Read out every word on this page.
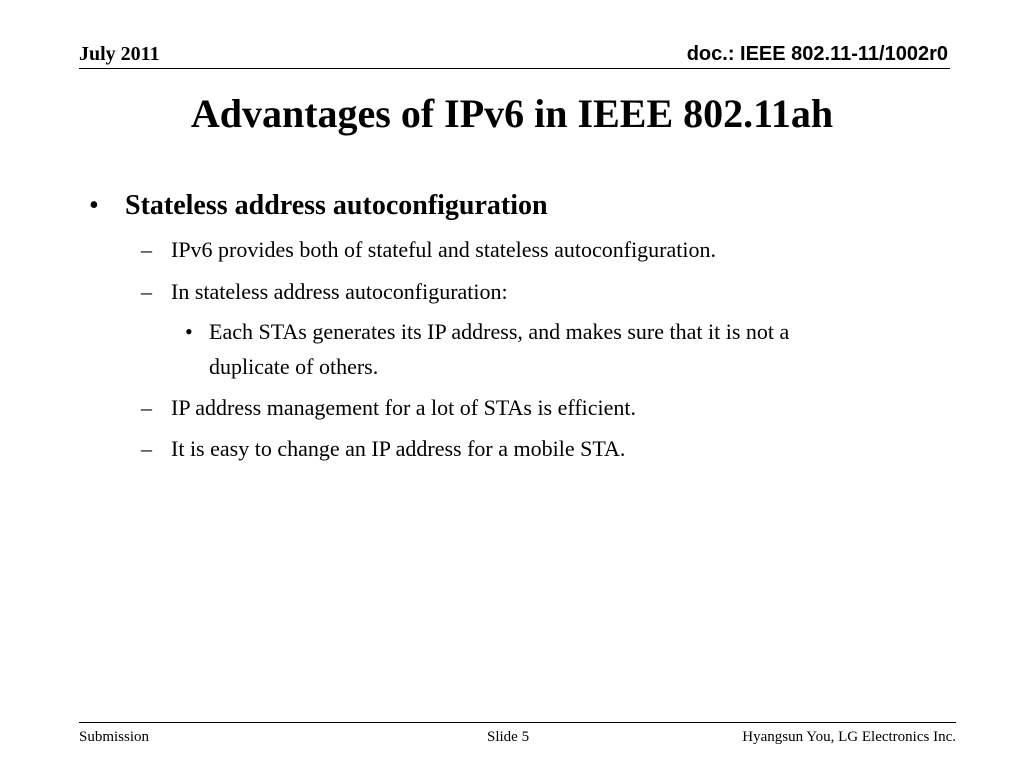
July 2011	doc.: IEEE 802.11-11/1002r0
Advantages of IPv6 in IEEE 802.11ah
• Stateless address autoconfiguration
– IPv6 provides both of stateful and stateless autoconfiguration.
– In stateless address autoconfiguration:
• Each STAs generates its IP address, and makes sure that it is not a
duplicate of others.
– IP address management for a lot of STAs is efficient.
– It is easy to change an IP address for a mobile STA.
Submission	Slide 5	Hyangsun You, LG Electronics Inc.
